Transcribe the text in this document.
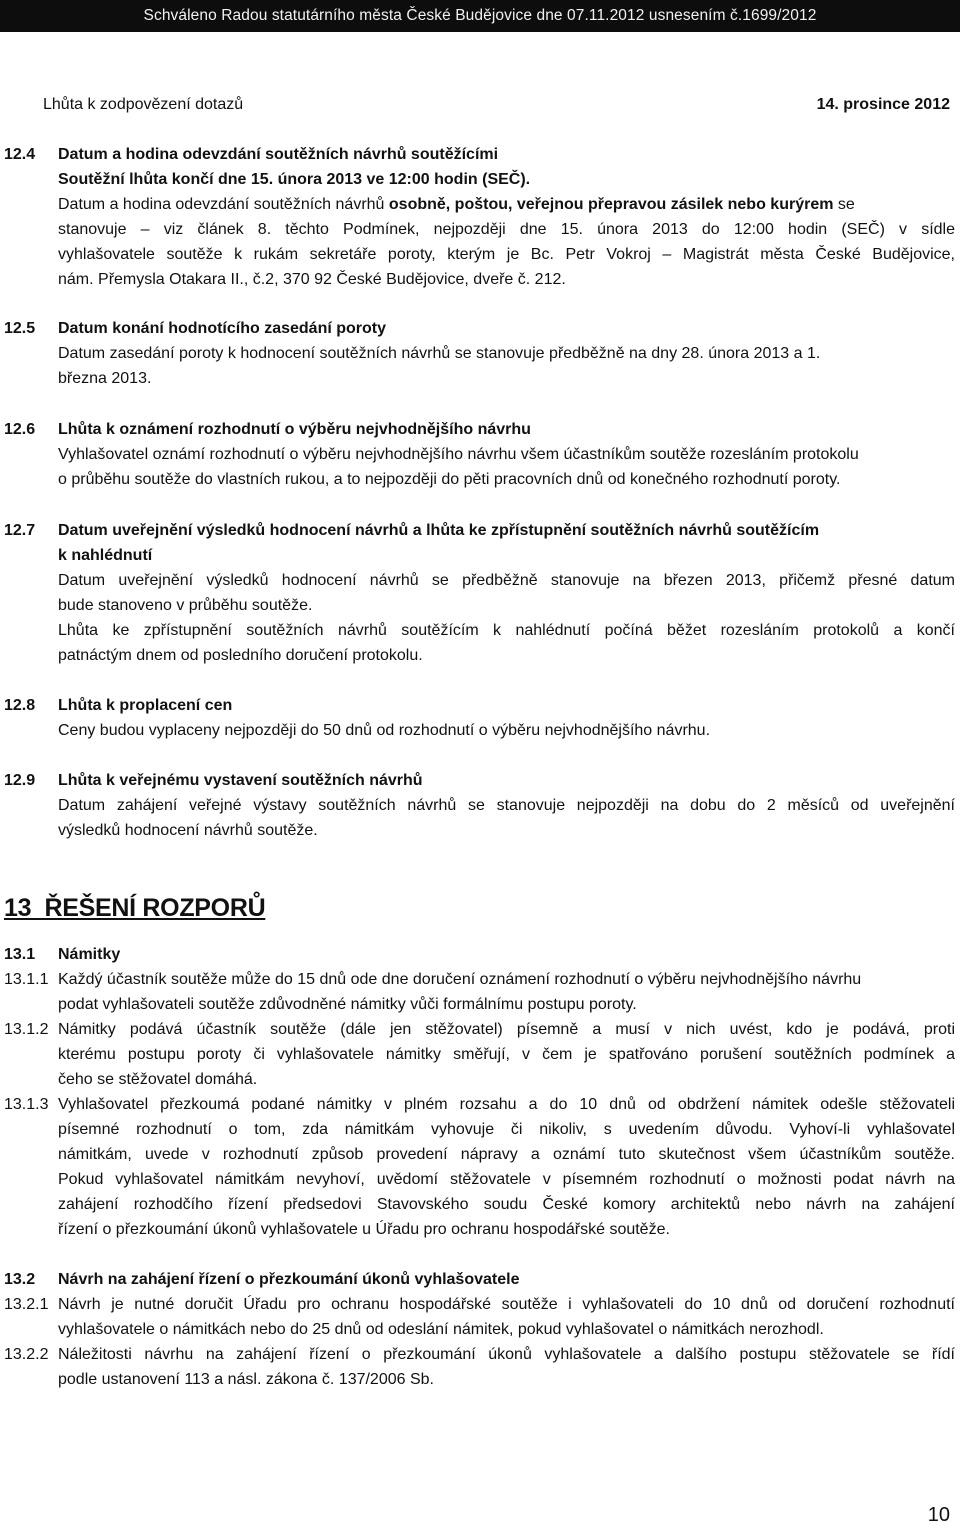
Schváleno Radou statutárního města České Budějovice dne 07.11.2012 usnesením č.1699/2012
Lhůta k zodpovězení dotazů	14. prosince 2012
12.4 Datum a hodina odevzdání soutěžních návrhů soutěžícími
Soutěžní lhůta končí dne 15. února 2013 ve 12:00 hodin (SEČ).
Datum a hodina odevzdání soutěžních návrhů osobně, poštou, veřejnou přepravou zásilek nebo kurýrem se
stanovuje – viz článek 8. těchto Podmínek, nejpozději dne 15. února 2013 do 12:00 hodin (SEČ) v sídle
vyhlašovatele soutěže k rukám sekretáře poroty, kterým je Bc. Petr Vokroj – Magistrát města České Budějovice,
nám. Přemysla Otakara II., č.2, 370 92 České Budějovice, dveře č. 212.
12.5 Datum konání hodnotícího zasedání poroty
Datum zasedání poroty k hodnocení soutěžních návrhů se stanovuje předběžně na dny 28. února 2013 a 1.
března 2013.
12.6 Lhůta k oznámení rozhodnutí o výběru nejvhodnějšího návrhu
Vyhlašovatel oznámí rozhodnutí o výběru nejvhodnějšího návrhu všem účastníkům soutěže rozesláním protokolu
o průběhu soutěže do vlastních rukou, a to nejpozději do pěti pracovních dnů od konečného rozhodnutí poroty.
12.7 Datum uveřejnění výsledků hodnocení návrhů a lhůta ke zpřístupnění soutěžních návrhů soutěžícím
k nahlédnutí
Datum uveřejnění výsledků hodnocení návrhů se předběžně stanovuje na březen 2013, přičemž přesné datum
bude stanoveno v průběhu soutěže.
Lhůta ke zpřístupnění soutěžních návrhů soutěžícím k nahlédnutí počíná běžet rozesláním protokolů a končí
patnáctým dnem od posledního doručení protokolu.
12.8 Lhůta k proplacení cen
Ceny budou vyplaceny nejpozději do 50 dnů od rozhodnutí o výběru nejvhodnějšího návrhu.
12.9 Lhůta k veřejnému vystavení soutěžních návrhů
Datum zahájení veřejné výstavy soutěžních návrhů se stanovuje nejpozději na dobu do 2 měsíců od uveřejnění
výsledků hodnocení návrhů soutěže.
13  ŘEŠENÍ ROZPORŮ
13.1 Námitky
13.1.1 Každý účastník soutěže může do 15 dnů ode dne doručení oznámení rozhodnutí o výběru nejvhodnějšího návrhu
podat vyhlašovateli soutěže zdůvodněné námitky vůči formálnímu postupu poroty.
13.1.2 Námitky podává účastník soutěže (dále jen stěžovatel) písemně a musí v nich uvést, kdo je podává, proti
kterému postupu poroty či vyhlašovatele námitky směřují, v čem je spatřováno porušení soutěžních podmínek a
čeho se stěžovatel domáhá.
13.1.3 Vyhlašovatel přezkoumá podané námitky v plném rozsahu a do 10 dnů od obdržení námitek odešle stěžovateli
písemné rozhodnutí o tom, zda námitkám vyhovuje či nikoliv, s uvedením důvodu. Vyhoví-li vyhlašovatel
námitkám, uvede v rozhodnutí způsob provedení nápravy a oznámí tuto skutečnost všem účastníkům soutěže.
Pokud vyhlašovatel námitkám nevyhoví, uvědomí stěžovatele v písemném rozhodnutí o možnosti podat návrh na
zahájení rozhodčího řízení předsedovi Stavovského soudu České komory architektů nebo návrh na zahájení
řízení o přezkoumání úkonů vyhlašovatele u Úřadu pro ochranu hospodářské soutěže.
13.2 Návrh na zahájení řízení o přezkoumání úkonů vyhlašovatele
13.2.1 Návrh je nutné doručit Úřadu pro ochranu hospodářské soutěže i vyhlašovateli do 10 dnů od doručení rozhodnutí
vyhlašovatele o námitkách nebo do 25 dnů od odeslání námitek, pokud vyhlašovatel o námitkách nerozhodl.
13.2.2 Náležitosti návrhu na zahájení řízení o přezkoumání úkonů vyhlašovatele a dalšího postupu stěžovatele se řídí
podle ustanovení 113 a násl. zákona č. 137/2006 Sb.
10
